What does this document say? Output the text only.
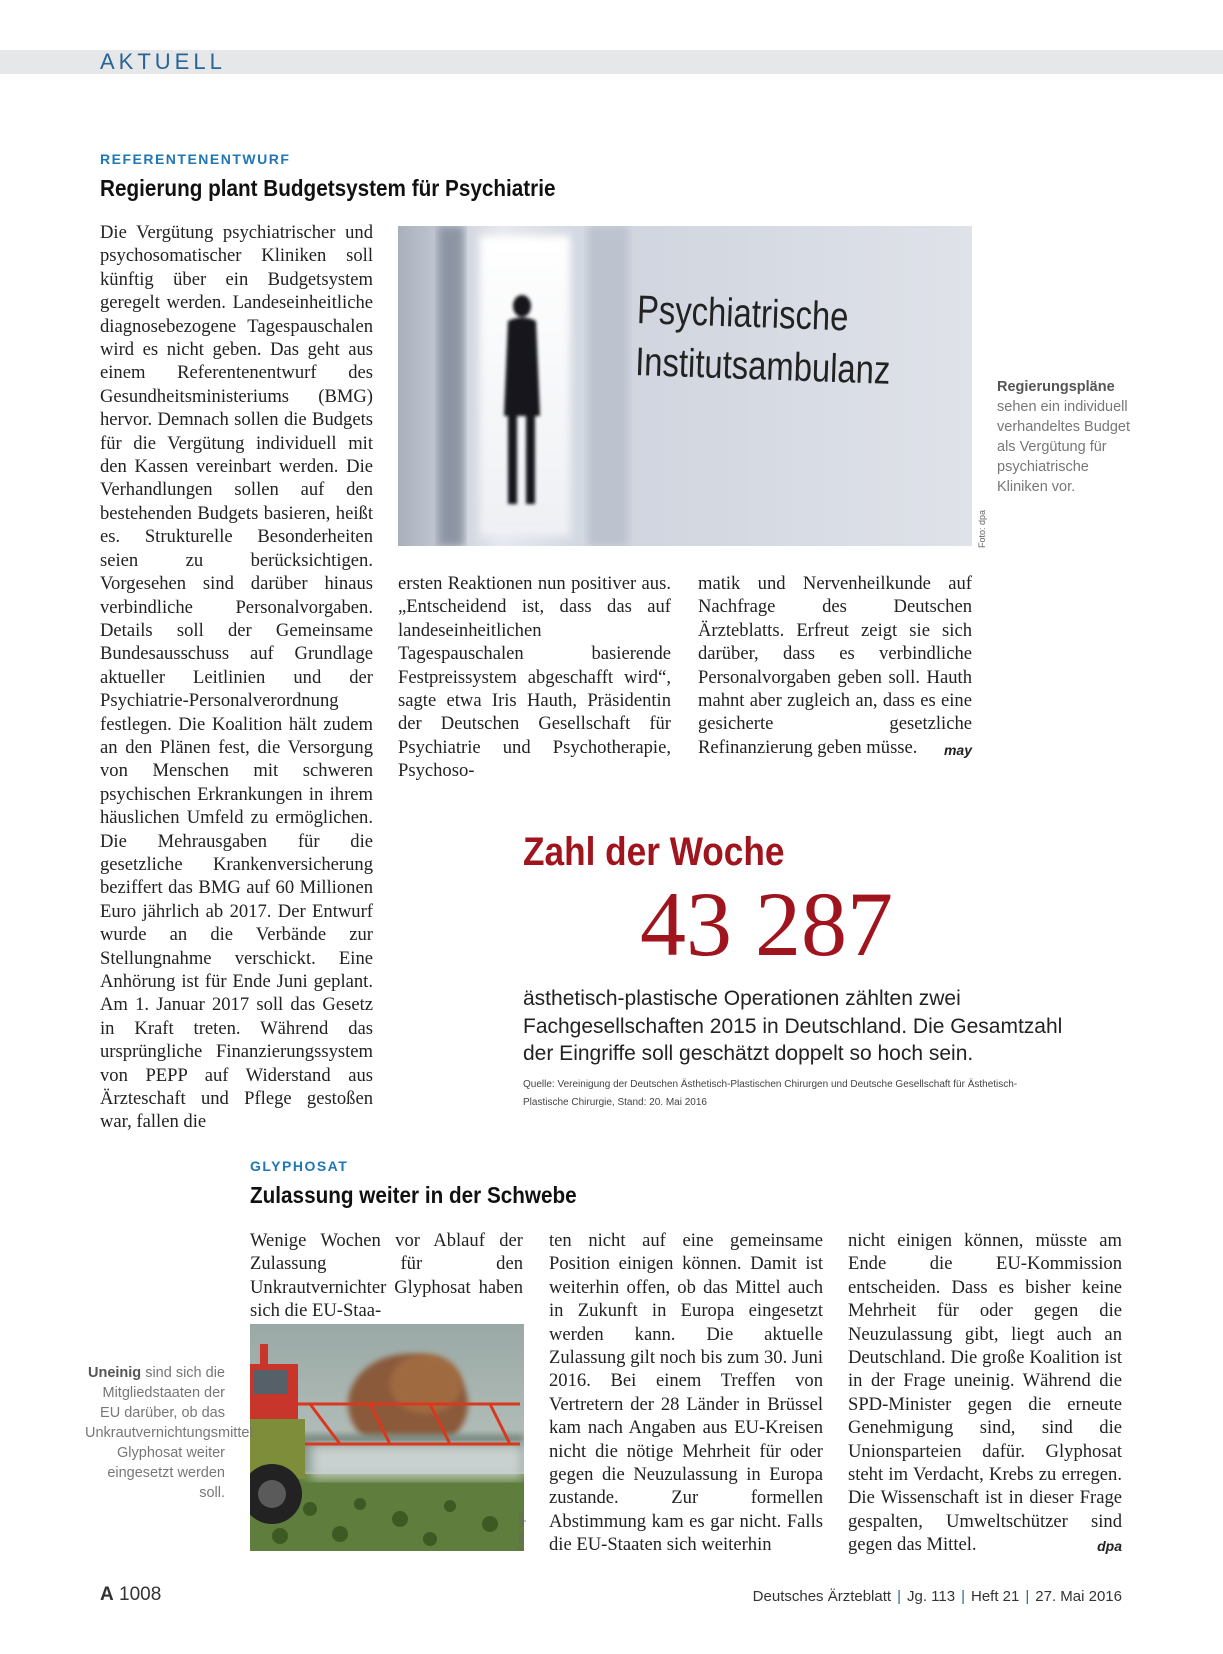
AKTUELL
REFERENTENENTWURF
Regierung plant Budgetsystem für Psychiatrie
Die Vergütung psychiatrischer und psychosomatischer Kliniken soll künftig über ein Budgetsystem geregelt werden. Landeseinheitliche diagnosebezogene Tagespauschalen wird es nicht geben. Das geht aus einem Referentenentwurf des Gesundheitsministeriums (BMG) hervor. Demnach sollen die Budgets für die Vergütung individuell mit den Kassen vereinbart werden. Die Verhandlungen sollen auf den bestehenden Budgets basieren, heißt es. Strukturelle Besonderheiten seien zu berücksichtigen. Vorgesehen sind darüber hinaus verbindliche Personalvorgaben. Details soll der Gemeinsame Bundesausschuss auf Grundlage aktueller Leitlinien und der Psychiatrie-Personalverordnung festlegen. Die Koalition hält zudem an den Plänen fest, die Versorgung von Menschen mit schweren psychischen Erkrankungen in ihrem häuslichen Umfeld zu ermöglichen. Die Mehrausgaben für die gesetzliche Krankenversicherung beziffert das BMG auf 60 Millionen Euro jährlich ab 2017. Der Entwurf wurde an die Verbände zur Stellungnahme verschickt. Eine Anhörung ist für Ende Juni geplant. Am 1. Januar 2017 soll das Gesetz in Kraft treten. Während das ursprüngliche Finanzierungssystem von PEPP auf Widerstand aus Ärzteschaft und Pflege gestoßen war, fallen die
Psychiatrische
Institutsambulanz
Foto: dpa
Regierungspläne sehen ein individuell verhandeltes Budget als Vergütung für psychiatrische Kliniken vor.
ersten Reaktionen nun positiver aus. „Entscheidend ist, dass das auf landeseinheitlichen Tagespauschalen basierende Festpreissystem abgeschafft wird“, sagte etwa Iris Hauth, Präsidentin der Deutschen Gesellschaft für Psychiatrie und Psychotherapie, Psychoso-
matik und Nervenheilkunde auf Nachfrage des Deutschen Ärzteblatts. Erfreut zeigt sie sich darüber, dass es verbindliche Personalvorgaben geben soll. Hauth mahnt aber zugleich an, dass es eine gesicherte gesetzliche Refinanzierung geben müsse.	may
Zahl der Woche
43 287
ästhetisch-plastische Operationen zählten zwei Fachgesellschaften 2015 in Deutschland. Die Gesamtzahl der Eingriffe soll geschätzt doppelt so hoch sein.
Quelle: Vereinigung der Deutschen Ästhetisch-Plastischen Chirurgen und Deutsche Gesellschaft für Ästhetisch-Plastische Chirurgie, Stand: 20. Mai 2016
GLYPHOSAT
Zulassung weiter in der Schwebe
Wenige Wochen vor Ablauf der Zulassung für den Unkrautvernichter Glyphosat haben sich die EU-Staa-
Foto: dpa
Uneinig sind sich die Mitgliedstaaten der EU darüber, ob das Unkrautvernichtungsmittel Glyphosat weiter eingesetzt werden soll.
ten nicht auf eine gemeinsame Position einigen können. Damit ist weiterhin offen, ob das Mittel auch in Zukunft in Europa eingesetzt werden kann. Die aktuelle Zulassung gilt noch bis zum 30. Juni 2016. Bei einem Treffen von Vertretern der 28 Länder in Brüssel kam nach Angaben aus EU-Kreisen nicht die nötige Mehrheit für oder gegen die Neuzulassung in Europa zustande. Zur formellen Abstimmung kam es gar nicht. Falls die EU-Staaten sich weiterhin
nicht einigen können, müsste am Ende die EU-Kommission entscheiden. Dass es bisher keine Mehrheit für oder gegen die Neuzulassung gibt, liegt auch an Deutschland. Die große Koalition ist in der Frage uneinig. Während die SPD-Minister gegen die erneute Genehmigung sind, sind die Unionsparteien dafür. Glyphosat steht im Verdacht, Krebs zu erregen. Die Wissenschaft ist in dieser Frage gespalten, Umweltschützer sind gegen das Mittel.	dpa
A 1008	Deutsches Ärzteblatt | Jg. 113 | Heft 21 | 27. Mai 2016
